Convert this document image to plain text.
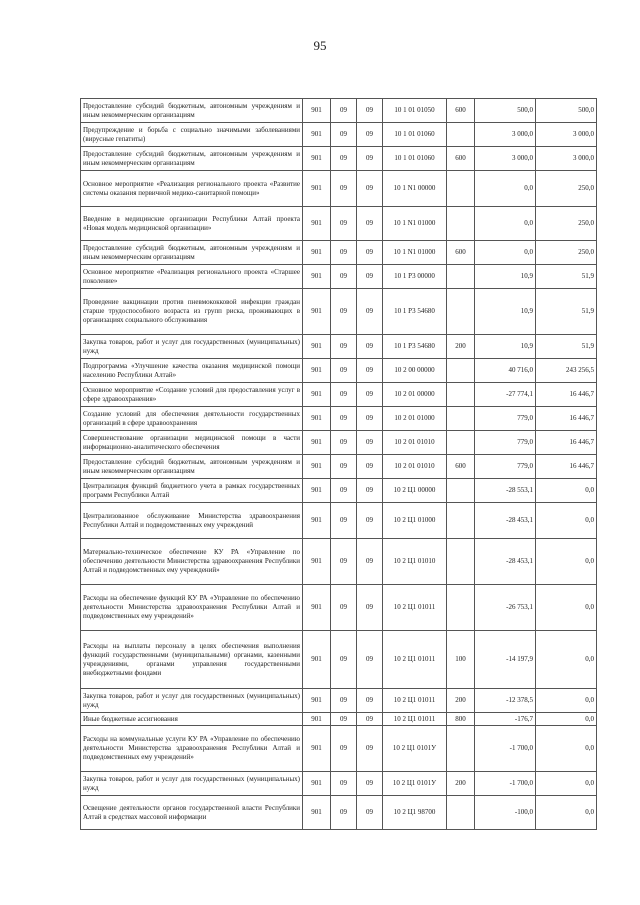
95
Предоставление субсидий бюджетным, автономным учреждениям и иным некоммерческим организациям	901	09	09	10 1 01 01050	600	500,0	500,0
Предупреждение и борьба с социально значимыми заболеваниями (вирусные гепатиты)	901	09	09	10 1 01 01060		3 000,0	3 000,0
Предоставление субсидий бюджетным, автономным учреждениям и иным некоммерческим организациям	901	09	09	10 1 01 01060	600	3 000,0	3 000,0
Основное мероприятие «Реализация регионального проекта «Развитие системы оказания первичной медико-санитарной помощи»	901	09	09	10 1 N1 00000		0,0	250,0
Введение в медицинские организации Республики Алтай проекта «Новая модель медицинской организации»	901	09	09	10 1 N1 01000		0,0	250,0
Предоставление субсидий бюджетным, автономным учреждениям и иным некоммерческим организациям	901	09	09	10 1 N1 01000	600	0,0	250,0
Основное мероприятие «Реализация регионального проекта «Старшее поколение»	901	09	09	10 1 P3 00000		10,9	51,9
Проведение вакцинации против пневмококковой инфекции граждан старше трудоспособного возраста из групп риска, проживающих в организациях социального обслуживания	901	09	09	10 1 P3 54680		10,9	51,9
Закупка товаров, работ и услуг для государственных (муниципальных) нужд	901	09	09	10 1 P3 54680	200	10,9	51,9
Подпрограмма «Улучшение качества оказания медицинской помощи населению Республики Алтай»	901	09	09	10 2 00 00000		40 716,0	243 256,5
Основное мероприятие «Создание условий для предоставления услуг в сфере здравоохранения»	901	09	09	10 2 01 00000		-27 774,1	16 446,7
Создание условий для обеспечения деятельности государственных организаций в сфере здравоохранения	901	09	09	10 2 01 01000		779,0	16 446,7
Совершенствование организации медицинской помощи в части информационно-аналитического обеспечения	901	09	09	10 2 01 01010		779,0	16 446,7
Предоставление субсидий бюджетным, автономным учреждениям и иным некоммерческим организациям	901	09	09	10 2 01 01010	600	779,0	16 446,7
Централизация функций бюджетного учета в рамках государственных программ Республики Алтай	901	09	09	10 2 Ц1 00000		-28 553,1	0,0
Централизованное обслуживание Министерства здравоохранения Республики Алтай и подведомственных ему учреждений	901	09	09	10 2 Ц1 01000		-28 453,1	0,0
Материально-техническое обеспечение КУ РА «Управление по обеспечению деятельности Министерства здравоохранения Республики Алтай и подведомственных ему учреждений»	901	09	09	10 2 Ц1 01010		-28 453,1	0,0
Расходы на обеспечение функций КУ РА «Управление по обеспечению деятельности Министерства здравоохранения Республики Алтай и подведомственных ему учреждений»	901	09	09	10 2 Ц1 01011		-26 753,1	0,0
Расходы на выплаты персоналу в целях обеспечения выполнения функций государственными (муниципальными) органами, казенными учреждениями, органами управления государственными внебюджетными фондами	901	09	09	10 2 Ц1 01011	100	-14 197,9	0,0
Закупка товаров, работ и услуг для государственных (муниципальных) нужд	901	09	09	10 2 Ц1 01011	200	-12 378,5	0,0
Иные бюджетные ассигнования	901	09	09	10 2 Ц1 01011	800	-176,7	0,0
Расходы на коммунальные услуги КУ РА «Управление по обеспечению деятельности Министерства здравоохранения Республики Алтай и подведомственных ему учреждений»	901	09	09	10 2 Ц1 0101У		-1 700,0	0,0
Закупка товаров, работ и услуг для государственных (муниципальных) нужд	901	09	09	10 2 Ц1 0101У	200	-1 700,0	0,0
Освещение деятельности органов государственной власти Республики Алтай в средствах массовой информации	901	09	09	10 2 Ц1 98700		-100,0	0,0
